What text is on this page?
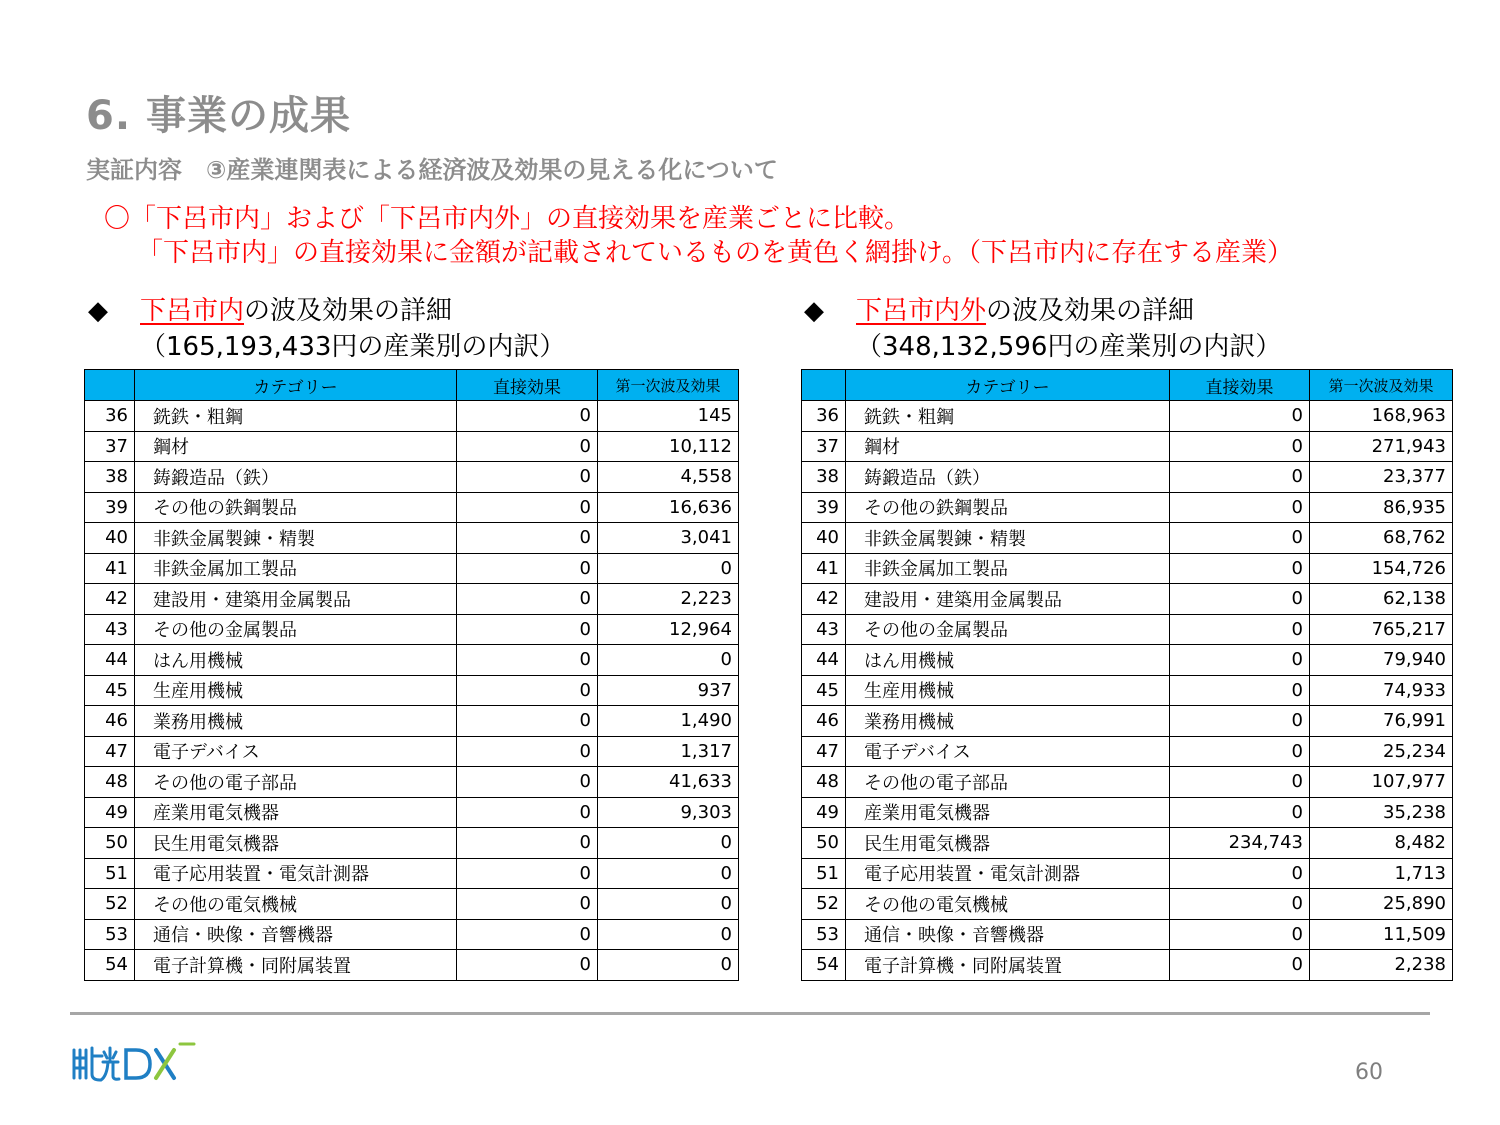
6. 事業の成果
実証内容　③産業連関表による経済波及効果の見える化について
〇「下呂市内」および「下呂市内外」の直接効果を産業ごとに比較。
「下呂市内」の直接効果に金額が記載されているものを黄色く網掛け。（下呂市内に存在する産業）
◆ 下呂市内の波及効果の詳細
（165,193,433円の産業別の内訳）
◆ 下呂市内外の波及効果の詳細
（348,132,596円の産業別の内訳）
	カテゴリー	直接効果	第一次波及効果
36	銑鉄・粗鋼	0	145
37	鋼材	0	10,112
38	鋳鍛造品（鉄）	0	4,558
39	その他の鉄鋼製品	0	16,636
40	非鉄金属製錬・精製	0	3,041
41	非鉄金属加工製品	0	0
42	建設用・建築用金属製品	0	2,223
43	その他の金属製品	0	12,964
44	はん用機械	0	0
45	生産用機械	0	937
46	業務用機械	0	1,490
47	電子デバイス	0	1,317
48	その他の電子部品	0	41,633
49	産業用電気機器	0	9,303
50	民生用電気機器	0	0
51	電子応用装置・電気計測器	0	0
52	その他の電気機械	0	0
53	通信・映像・音響機器	0	0
54	電子計算機・同附属装置	0	0
	カテゴリー	直接効果	第一次波及効果
36	銑鉄・粗鋼	0	168,963
37	鋼材	0	271,943
38	鋳鍛造品（鉄）	0	23,377
39	その他の鉄鋼製品	0	86,935
40	非鉄金属製錬・精製	0	68,762
41	非鉄金属加工製品	0	154,726
42	建設用・建築用金属製品	0	62,138
43	その他の金属製品	0	765,217
44	はん用機械	0	79,940
45	生産用機械	0	74,933
46	業務用機械	0	76,991
47	電子デバイス	0	25,234
48	その他の電子部品	0	107,977
49	産業用電気機器	0	35,238
50	民生用電気機器	234,743	8,482
51	電子応用装置・電気計測器	0	1,713
52	その他の電気機械	0	25,890
53	通信・映像・音響機器	0	11,509
54	電子計算機・同附属装置	0	2,238
60
